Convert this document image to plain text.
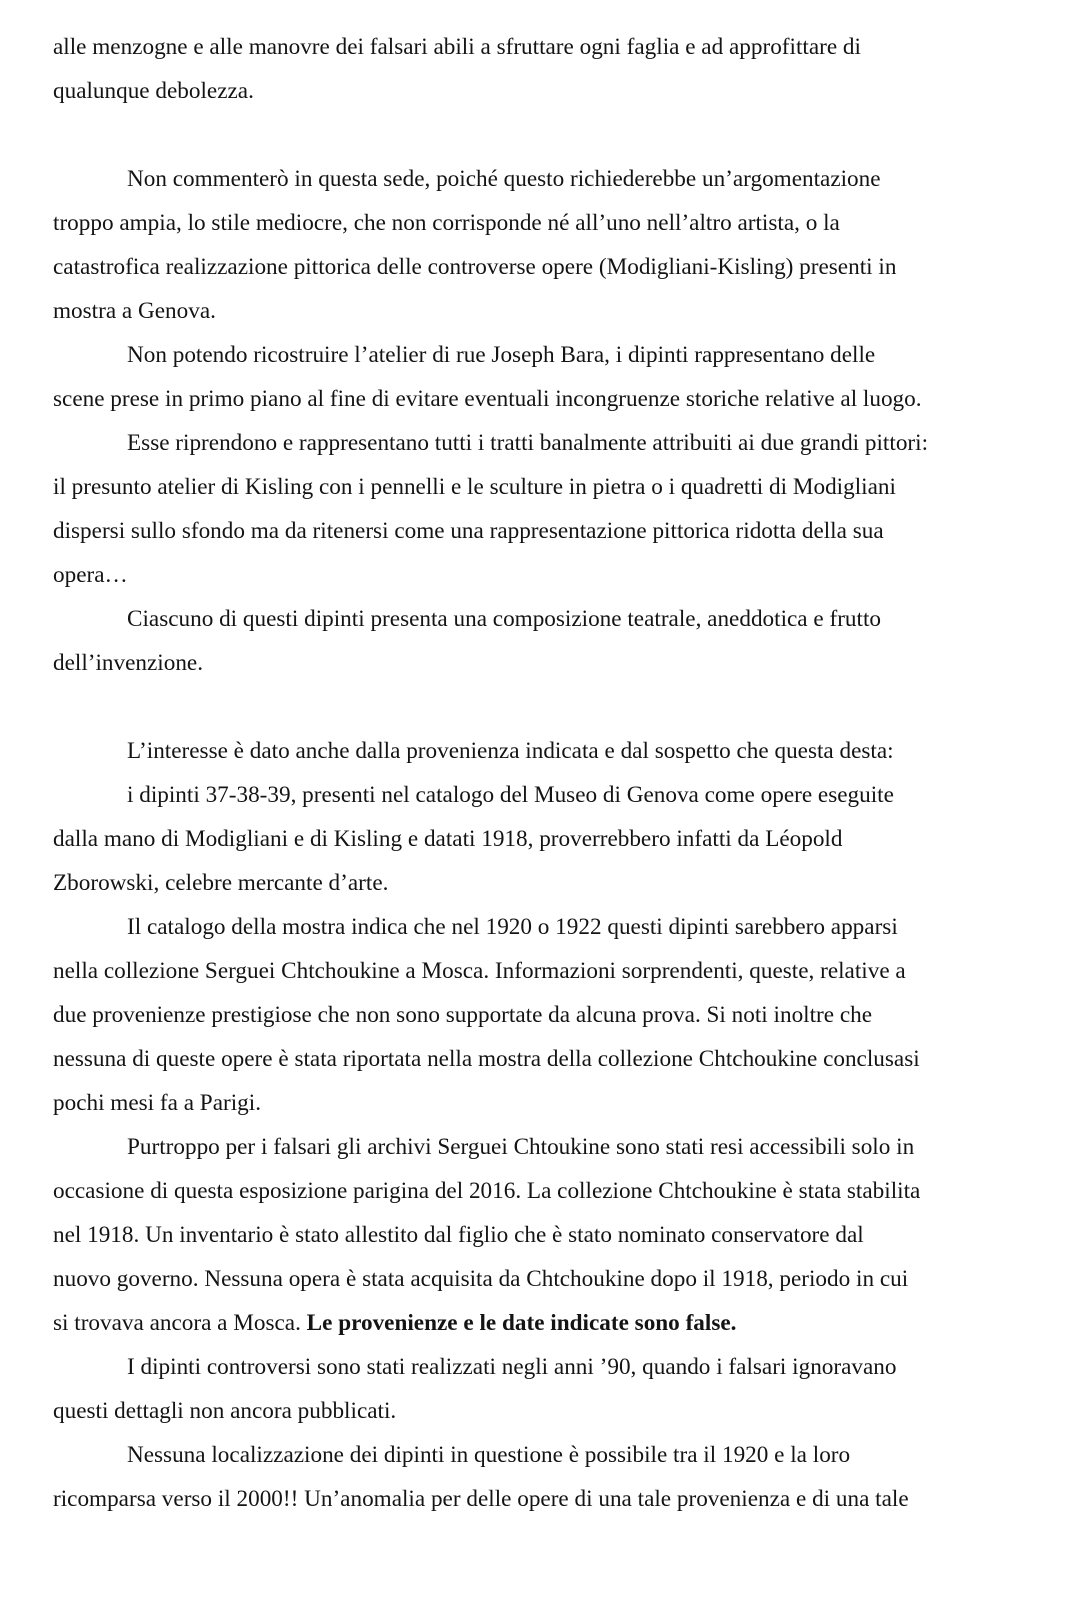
alle menzogne e alle manovre dei falsari abili a sfruttare ogni faglia e ad approfittare di
qualunque debolezza.
Non commenterò in questa sede, poiché questo richiederebbe un’argomentazione
troppo ampia, lo stile mediocre, che non corrisponde né all’uno nell’altro artista, o la
catastrofica realizzazione pittorica delle controverse opere (Modigliani-Kisling) presenti in
mostra a Genova.
Non potendo ricostruire l’atelier di rue Joseph Bara, i dipinti rappresentano delle
scene prese in primo piano al fine di evitare eventuali incongruenze storiche relative al luogo.
Esse riprendono e rappresentano tutti i tratti banalmente attribuiti ai due grandi pittori:
il presunto atelier di Kisling con i pennelli e le sculture in pietra o i quadretti di Modigliani
dispersi sullo sfondo ma da ritenersi come una rappresentazione pittorica ridotta della sua
opera…
Ciascuno di questi dipinti presenta una composizione teatrale, aneddotica e frutto
dell’invenzione.
L’interesse è dato anche dalla provenienza indicata e dal sospetto che questa desta:
i dipinti 37-38-39, presenti nel catalogo del Museo di Genova come opere eseguite
dalla mano di Modigliani e di Kisling e datati 1918, proverrebbero infatti da Léopold
Zborowski, celebre mercante d’arte.
Il catalogo della mostra indica che nel 1920 o 1922 questi dipinti sarebbero apparsi
nella collezione Serguei Chtchoukine a Mosca. Informazioni sorprendenti, queste, relative a
due provenienze prestigiose che non sono supportate da alcuna prova. Si noti inoltre che
nessuna di queste opere è stata riportata nella mostra della collezione Chtchoukine conclusasi
pochi mesi fa a Parigi.
Purtroppo per i falsari gli archivi Serguei Chtoukine sono stati resi accessibili solo in
occasione di questa esposizione parigina del 2016. La collezione Chtchoukine è stata stabilita
nel 1918. Un inventario è stato allestito dal figlio che è stato nominato conservatore dal
nuovo governo. Nessuna opera è stata acquisita da Chtchoukine dopo il 1918, periodo in cui
si trovava ancora a Mosca. Le provenienze e le date indicate sono false.
I dipinti controversi sono stati realizzati negli anni ’90, quando i falsari ignoravano
questi dettagli non ancora pubblicati.
Nessuna localizzazione dei dipinti in questione è possibile tra il 1920 e la loro
ricomparsa verso il 2000!! Un’anomalia per delle opere di una tale provenienza e di una tale
